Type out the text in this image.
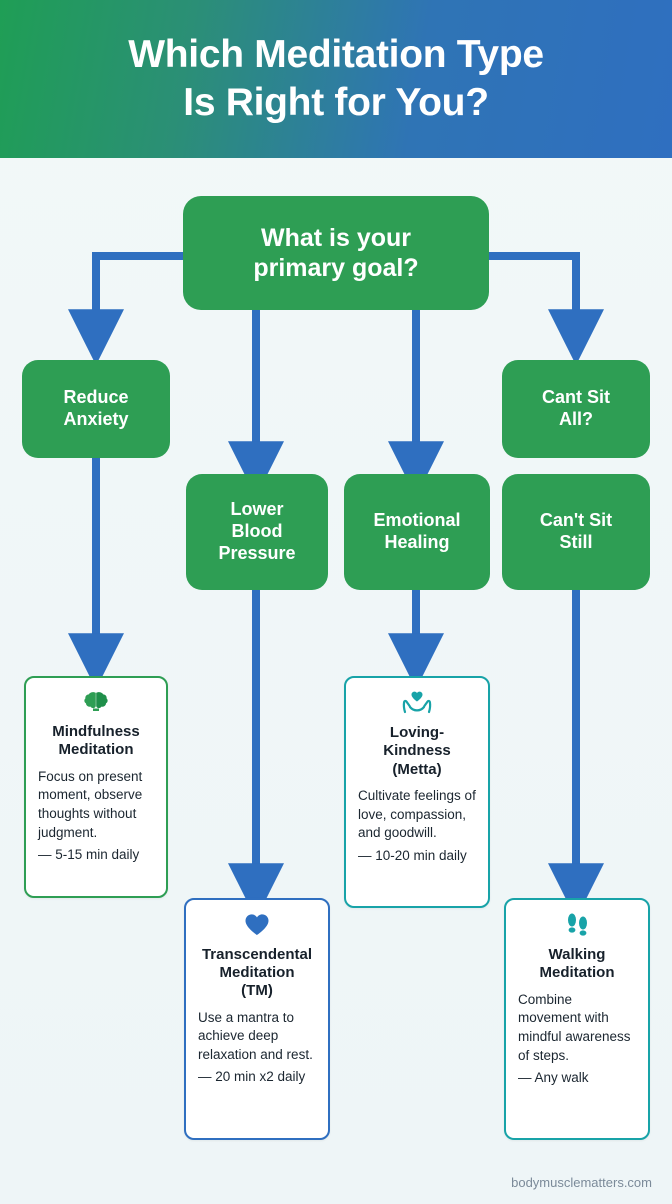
Which Meditation Type
Is Right for You?
What is your
primary goal?
Reduce
Anxiety
Lower
Blood
Pressure
Emotional
Healing
Cant Sit
All?
Can't Sit
Still
Mindfulness
Meditation

Focus on present moment, observe thoughts without judgment.

— 5-15 min daily
Transcendental
Meditation
(TM)

Use a mantra to achieve deep relaxation and rest.

— 20 min x2 daily
Loving-
Kindness
(Metta)

Cultivate feelings of love, compassion, and goodwill.

— 10-20 min daily
Walking
Meditation

Combine movement with mindful awareness of steps.

— Any walk
bodymusclematters.com
